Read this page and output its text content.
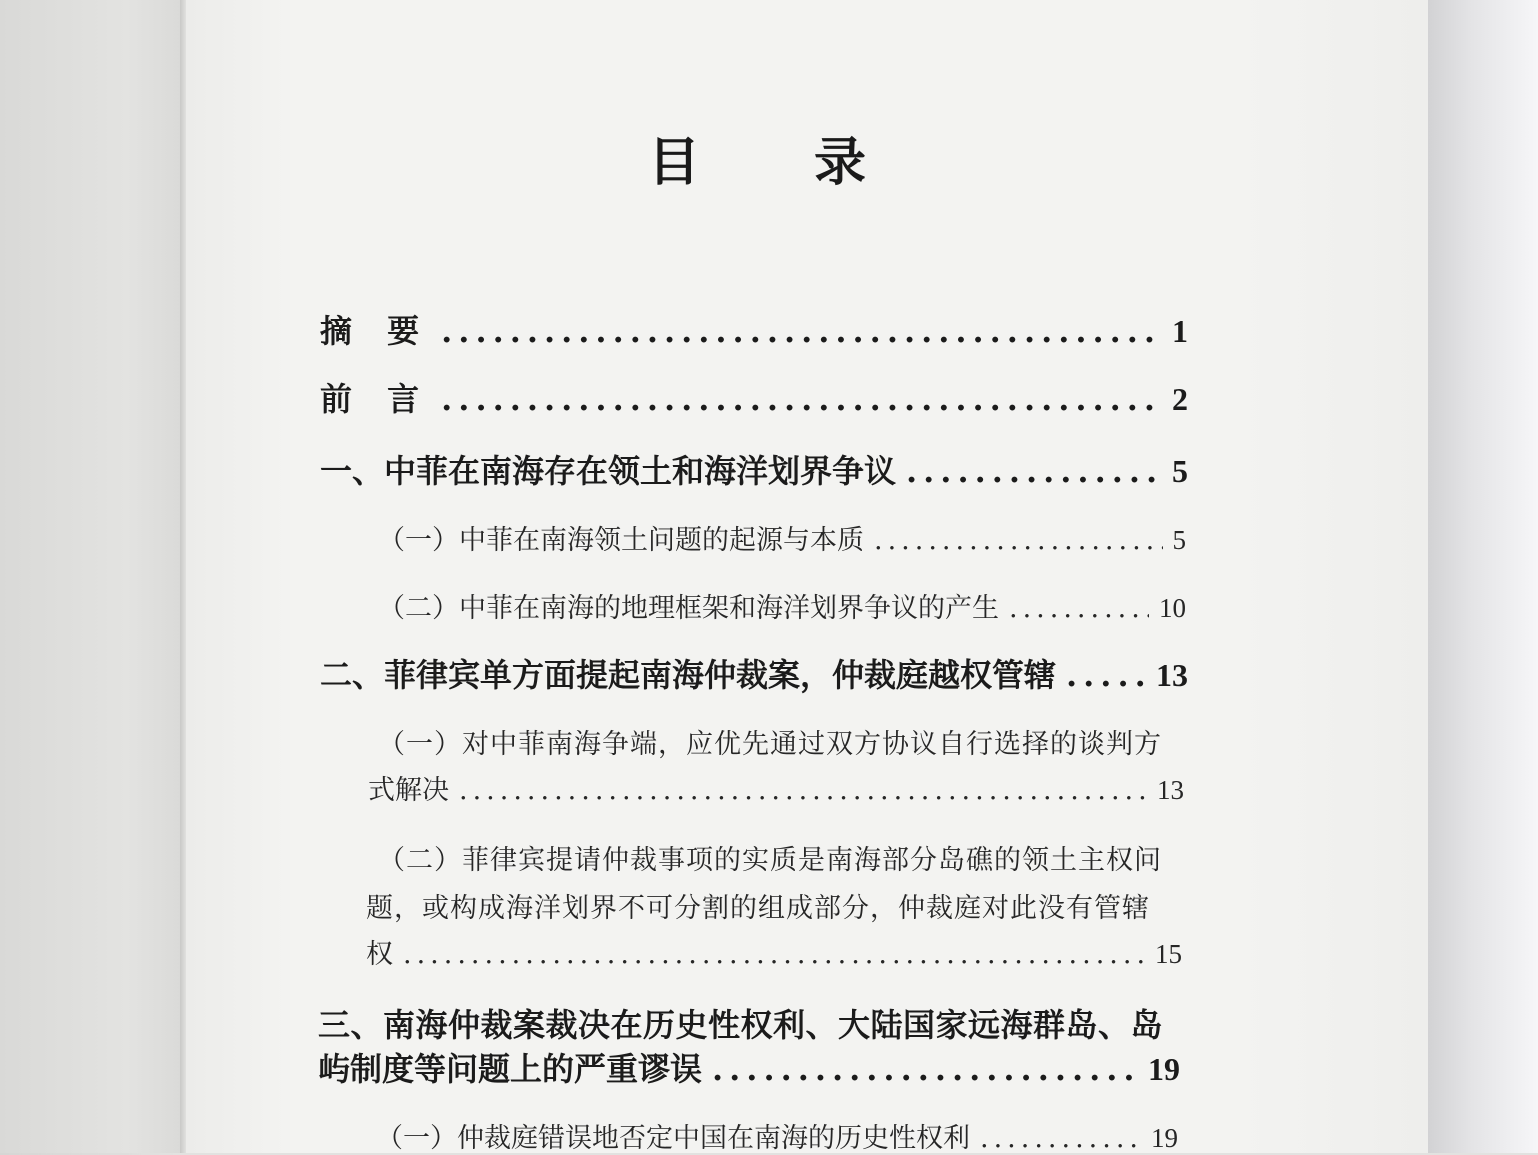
目 录
摘 要 .....	1
前 言 .....	2
一、中菲在南海存在领土和海洋划界争议 .....	5
（一）中菲在南海领土问题的起源与本质 .....	5
（二）中菲在南海的地理框架和海洋划界争议的产生 .....	10
二、菲律宾单方面提起南海仲裁案，仲裁庭越权管辖 .....	13
（一）对中菲南海争端，应优先通过双方协议自行选择的谈判方
式解决 .....	13
（二）菲律宾提请仲裁事项的实质是南海部分岛礁的领土主权问
题，或构成海洋划界不可分割的组成部分，仲裁庭对此没有管辖
权 .....	15
三、南海仲裁案裁决在历史性权利、大陆国家远海群岛、岛
屿制度等问题上的严重谬误 .....	19
（一）仲裁庭错误地否定中国在南海的历史性权利 .....	19
